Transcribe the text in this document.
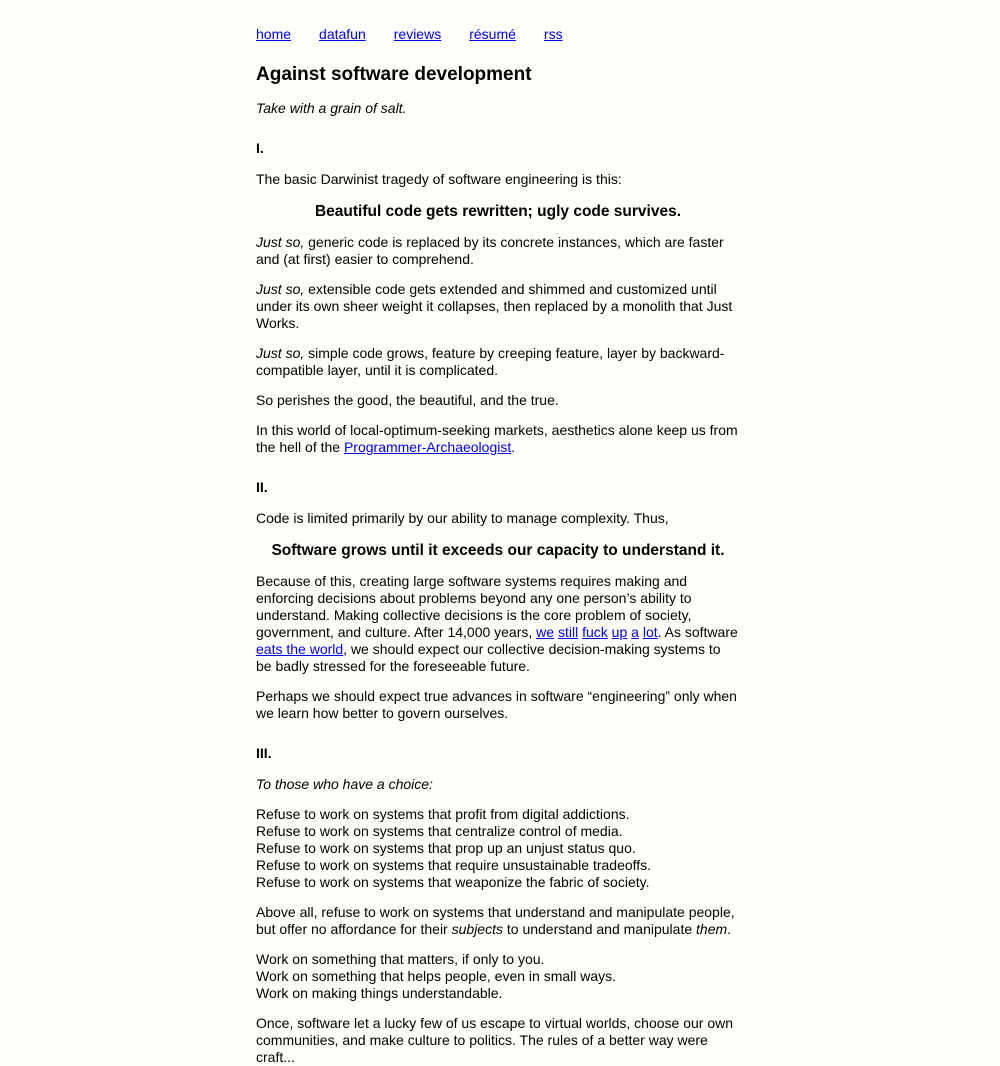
home datafun reviews résumé rss
Against software development

Take with a grain of salt.

I.

The basic Darwinist tragedy of software engineering is this:

Beautiful code gets rewritten; ugly code survives.

Just so, generic code is replaced by its concrete instances, which are faster and (at first) easier to comprehend.

Just so, extensible code gets extended and shimmed and customized until under its own sheer weight it collapses, then replaced by a monolith that Just Works.

Just so, simple code grows, feature by creeping feature, layer by backward-compatible layer, until it is complicated.

So perishes the good, the beautiful, and the true.

In this world of local-optimum-seeking markets, aesthetics alone keep us from the hell of the Programmer-Archaeologist.

II.

Code is limited primarily by our ability to manage complexity. Thus,

Software grows until it exceeds our capacity to understand it.

Because of this, creating large software systems requires making and enforcing decisions about problems beyond any one person’s ability to understand. Making collective decisions is the core problem of society, government, and culture. After 14,000 years, we still fuck up a lot. As software eats the world, we should expect our collective decision-making systems to be badly stressed for the foreseeable future.

Perhaps we should expect true advances in software “engineering” only when we learn how better to govern ourselves.

III.

To those who have a choice:

Refuse to work on systems that profit from digital addictions.
Refuse to work on systems that centralize control of media.
Refuse to work on systems that prop up an unjust status quo.
Refuse to work on systems that require unsustainable tradeoffs.
Refuse to work on systems that weaponize the fabric of society.

Above all, refuse to work on systems that understand and manipulate people, but offer no affordance for their subjects to understand and manipulate them.

Work on something that matters, if only to you.
Work on something that helps people, even in small ways.
Work on making things understandable.

Once, software let a lucky few of us escape to virtual worlds, choose our own communities, and make culture to politics. The rules of a better way were craft...
